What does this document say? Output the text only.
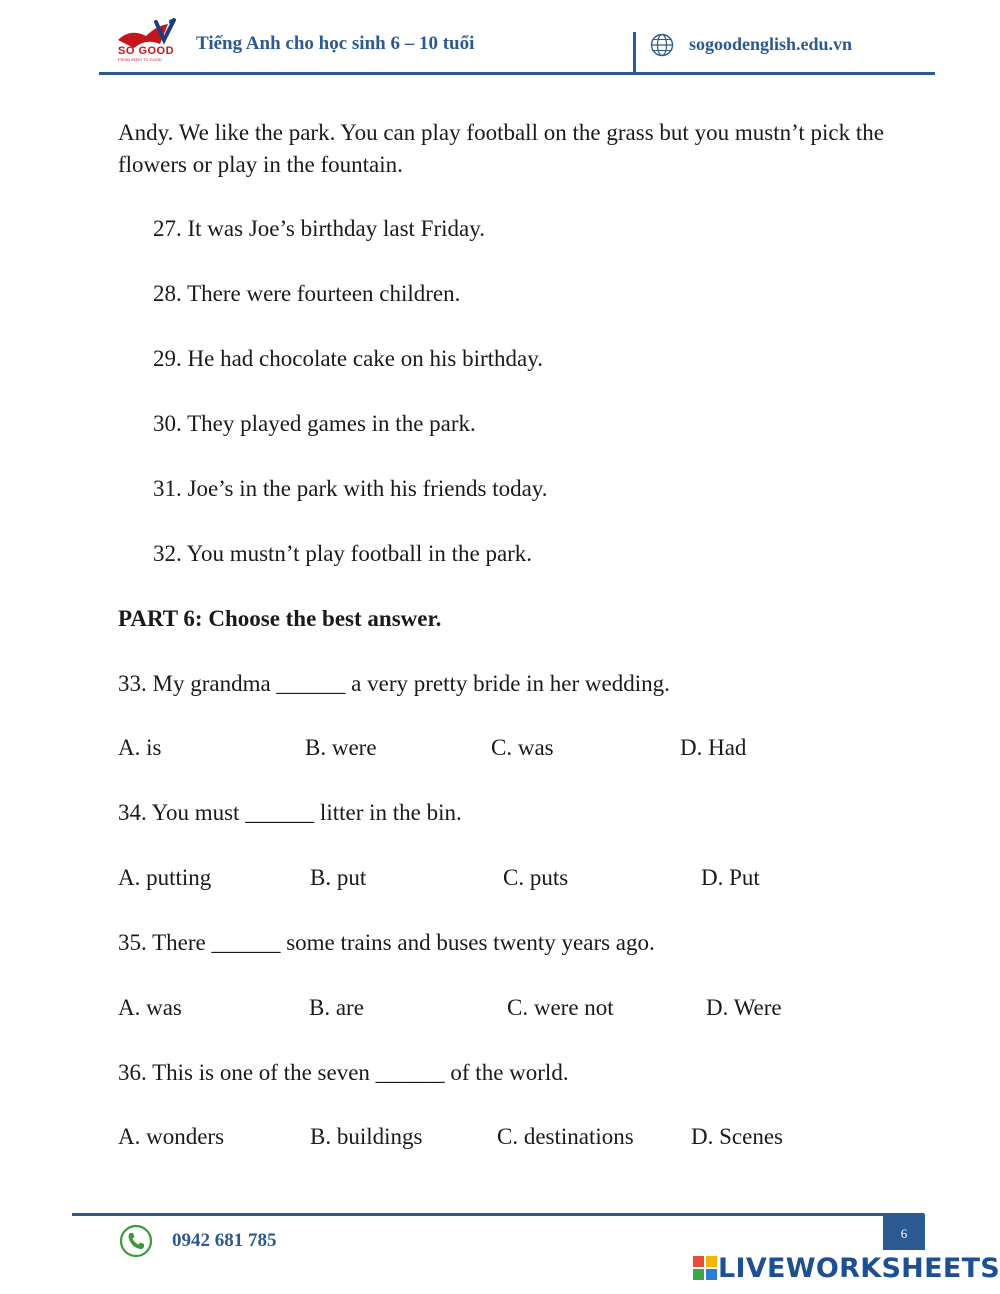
SO GOOD
FROM ZERO TO GOOD
Tiếng Anh cho học sinh 6 – 10 tuổi	sogoodenglish.edu.vn
Andy. We like the park. You can play football on the grass but you mustn’t pick the flowers or play in the fountain.
27. It was Joe’s birthday last Friday.
28. There were fourteen children.
29. He had chocolate cake on his birthday.
30. They played games in the park.
31. Joe’s in the park with his friends today.
32. You mustn’t play football in the park.
PART 6: Choose the best answer.
33. My grandma ______ a very pretty bride in her wedding.
A. is	B. were	C. was	D. Had
34. You must ______ litter in the bin.
A. putting	B. put	C. puts	D. Put
35. There ______ some trains and buses twenty years ago.
A. was	B. are	C. were not	D. Were
36. This is one of the seven ______ of the world.
A. wonders	B. buildings	C. destinations D. Scenes
0942 681 785	6
LIVEWORKSHEETS
